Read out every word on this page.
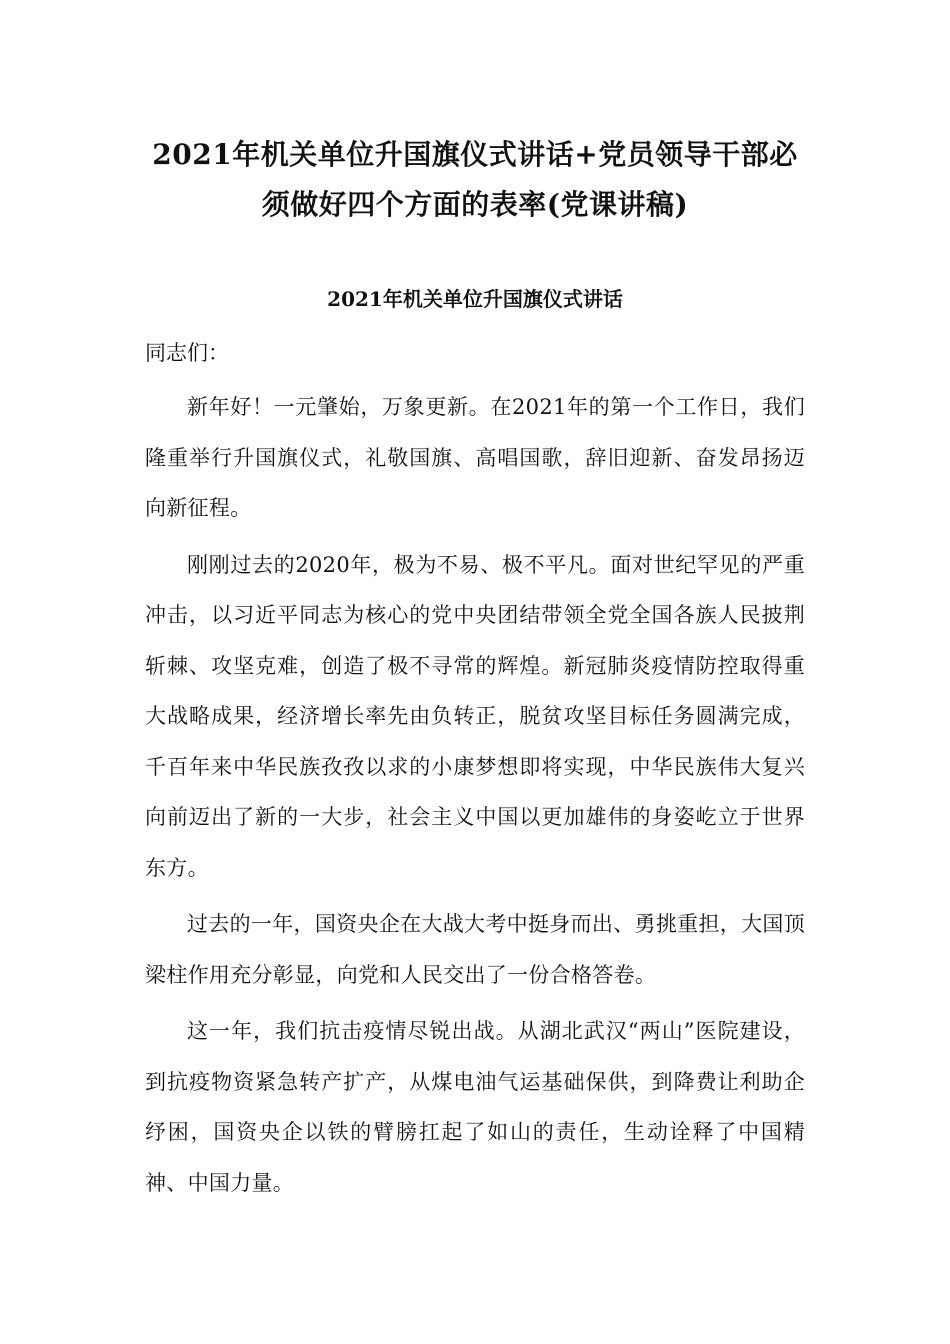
2021年机关单位升国旗仪式讲话+党员领导干部必须做好四个方面的表率(党课讲稿)
2021年机关单位升国旗仪式讲话

同志们：

新年好！一元肇始，万象更新。在2021年的第一个工作日，我们隆重举行升国旗仪式，礼敬国旗、高唱国歌，辞旧迎新、奋发昂扬迈向新征程。

刚刚过去的2020年，极为不易、极不平凡。面对世纪罕见的严重冲击，以习近平同志为核心的党中央团结带领全党全国各族人民披荆斩棘、攻坚克难，创造了极不寻常的辉煌。新冠肺炎疫情防控取得重大战略成果，经济增长率先由负转正，脱贫攻坚目标任务圆满完成，千百年来中华民族孜孜以求的小康梦想即将实现，中华民族伟大复兴向前迈出了新的一大步，社会主义中国以更加雄伟的身姿屹立于世界东方。

过去的一年，国资央企在大战大考中挺身而出、勇挑重担，大国顶梁柱作用充分彰显，向党和人民交出了一份合格答卷。

这一年，我们抗击疫情尽锐出战。从湖北武汉“两山”医院建设，到抗疫物资紧急转产扩产，从煤电油气运基础保供，到降费让利助企纾困，国资央企以铁的臂膀扛起了如山的责任，生动诠释了中国精神、中国力量。
